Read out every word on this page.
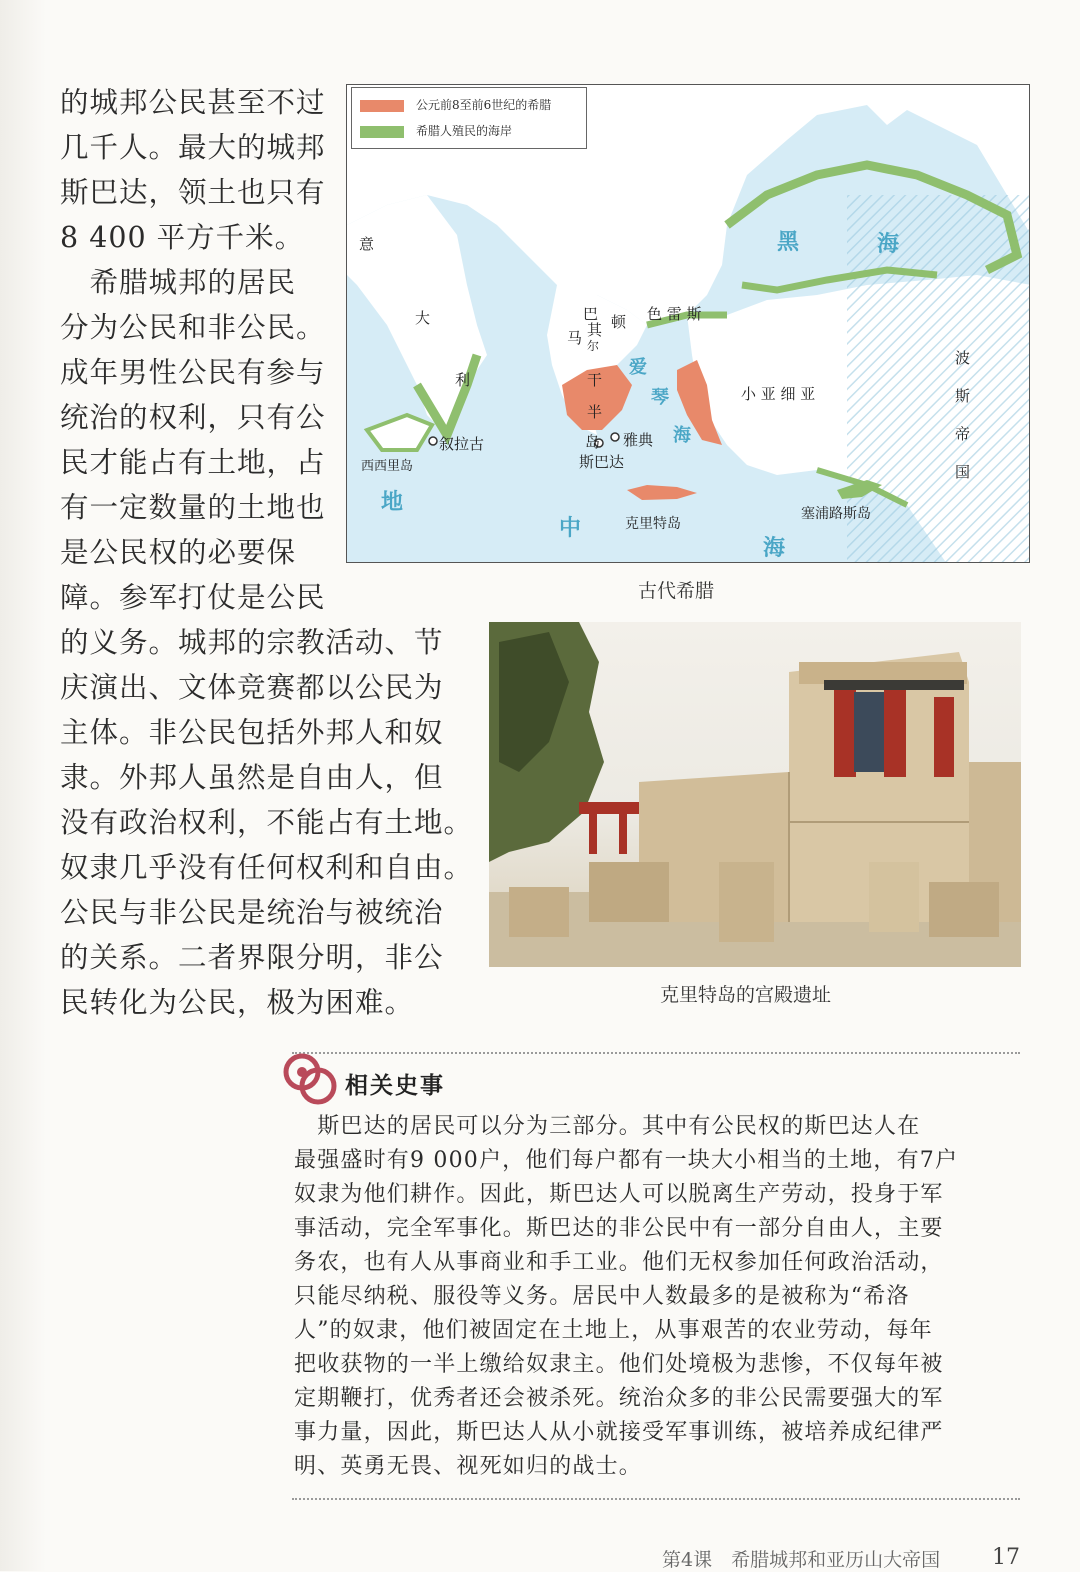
的城邦公民甚至不过
几千人。最大的城邦
斯巴达，领土也只有
8 400 平方千米。
　希腊城邦的居民
分为公民和非公民。
成年男性公民有参与
统治的权利，只有公
民才能占有土地，占
有一定数量的土地也
是公民权的必要保
障。参军打仗是公民
的义务。城邦的宗教活动、节
庆演出、文体竞赛都以公民为
主体。非公民包括外邦人和奴
隶。外邦人虽然是自由人，但
没有政治权利，不能占有土地。
奴隶几乎没有任何权利和自由。
公民与非公民是统治与被统治
的关系。二者界限分明，非公
民转化为公民，极为困难。
公元前8至前6世纪的希腊
希腊人殖民的海岸
意
大
利
西西里岛
叙拉古
巴
马 其 顿
尔
干
半
岛
色 雷 斯
雅典
斯巴达
克里特岛
塞浦路斯岛
小 亚 细 亚
波
斯
帝
国
黑	海
爱
琴
海
地
中
海
古代希腊
克里特岛的宫殿遗址
相关史事
　斯巴达的居民可以分为三部分。其中有公民权的斯巴达人在
最强盛时有9 000户，他们每户都有一块大小相当的土地，有7户
奴隶为他们耕作。因此，斯巴达人可以脱离生产劳动，投身于军
事活动，完全军事化。斯巴达的非公民中有一部分自由人，主要
务农，也有人从事商业和手工业。他们无权参加任何政治活动，
只能尽纳税、服役等义务。居民中人数最多的是被称为“希洛
人”的奴隶，他们被固定在土地上，从事艰苦的农业劳动，每年
把收获物的一半上缴给奴隶主。他们处境极为悲惨，不仅每年被
定期鞭打，优秀者还会被杀死。统治众多的非公民需要强大的军
事力量，因此，斯巴达人从小就接受军事训练，被培养成纪律严
明、英勇无畏、视死如归的战士。
第4课　希腊城邦和亚历山大帝国 17
